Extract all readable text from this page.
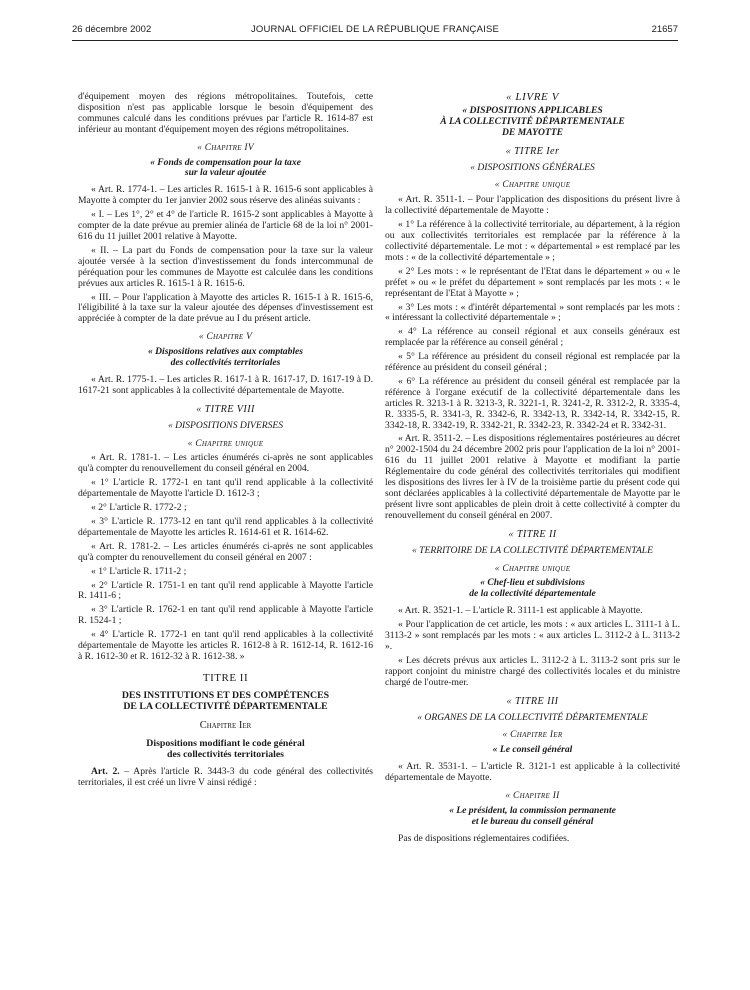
26 décembre 2002	JOURNAL OFFICIEL DE LA RÉPUBLIQUE FRANÇAISE	21657

d'équipement moyen des régions métropolitaines. Toutefois, cette disposition n'est pas applicable lorsque le besoin d'équipement des communes calculé dans les conditions prévues par l'article R. 1614-87 est inférieur au montant d'équipement moyen des régions métropolitaines.

« Chapitre IV
« Fonds de compensation pour la taxe
sur la valeur ajoutée

« Art. R. 1774-1. – Les articles R. 1615-1 à R. 1615-6 sont applicables à Mayotte à compter du 1er janvier 2002 sous réserve des alinéas suivants :

« I. – Les 1°, 2° et 4° de l'article R. 1615-2 sont applicables à Mayotte à compter de la date prévue au premier alinéa de l'article 68 de la loi n° 2001-616 du 11 juillet 2001 relative à Mayotte.

« II. – La part du Fonds de compensation pour la taxe sur la valeur ajoutée versée à la section d'investissement du fonds intercommunal de péréquation pour les communes de Mayotte est calculée dans les conditions prévues aux articles R. 1615-1 à R. 1615-6.

« III. – Pour l'application à Mayotte des articles R. 1615-1 à R. 1615-6, l'éligibilité à la taxe sur la valeur ajoutée des dépenses d'investissement est appréciée à compter de la date prévue au I du présent article.

« Chapitre V
« Dispositions relatives aux comptables
des collectivités territoriales

« Art. R. 1775-1. – Les articles R. 1617-1 à R. 1617-17, D. 1617-19 à D. 1617-21 sont applicables à la collectivité départementale de Mayotte.

« TITRE VIII
« DISPOSITIONS DIVERSES
« Chapitre unique

« Art. R. 1781-1. – Les articles énumérés ci-après ne sont applicables qu'à compter du renouvellement du conseil général en 2004.

« 1° L'article R. 1772-1 en tant qu'il rend applicable à la collectivité départementale de Mayotte l'article D. 1612-3 ;

« 2° L'article R. 1772-2 ;

« 3° L'article R. 1773-12 en tant qu'il rend applicables à la collectivité départementale de Mayotte les articles R. 1614-61 et R. 1614-62.

« Art. R. 1781-2. – Les articles énumérés ci-après ne sont applicables qu'à compter du renouvellement du conseil général en 2007 :

« 1° L'article R. 1711-2 ;

« 2° L'article R. 1751-1 en tant qu'il rend applicable à Mayotte l'article R. 1411-6 ;

« 3° L'article R. 1762-1 en tant qu'il rend applicable à Mayotte l'article R. 1524-1 ;

« 4° L'article R. 1772-1 en tant qu'il rend applicables à la collectivité départementale de Mayotte les articles R. 1612-8 à R. 1612-14, R. 1612-16 à R. 1612-30 et R. 1612-32 à R. 1612-38. »

TITRE II
DES INSTITUTIONS ET DES COMPÉTENCES
DE LA COLLECTIVITÉ DÉPARTEMENTALE
Chapitre Ier
Dispositions modifiant le code général
des collectivités territoriales

Art. 2. – Après l'article R. 3443-3 du code général des collectivités territoriales, il est créé un livre V ainsi rédigé :

« LIVRE V
« DISPOSITIONS APPLICABLES
À LA COLLECTIVITÉ DÉPARTEMENTALE
DE MAYOTTE
« TITRE Ier
« DISPOSITIONS GÉNÉRALES
« Chapitre unique

« Art. R. 3511-1. – Pour l'application des dispositions du présent livre à la collectivité départementale de Mayotte :

« 1° La référence à la collectivité territoriale, au département, à la région ou aux collectivités territoriales est remplacée par la référence à la collectivité départementale. Le mot : « départemental » est remplacé par les mots : « de la collectivité départementale » ;

« 2° Les mots : « le représentant de l'Etat dans le département » ou « le préfet » ou « le préfet du département » sont remplacés par les mots : « le représentant de l'Etat à Mayotte » ;

« 3° Les mots : « d'intérêt départemental » sont remplacés par les mots : « intéressant la collectivité départementale » ;

« 4° La référence au conseil régional et aux conseils généraux est remplacée par la référence au conseil général ;

« 5° La référence au président du conseil régional est remplacée par la référence au président du conseil général ;

« 6° La référence au président du conseil général est remplacée par la référence à l'organe exécutif de la collectivité départementale dans les articles R. 3213-1 à R. 3213-3, R. 3221-1, R. 3241-2, R. 3312-2, R. 3335-4, R. 3335-5, R. 3341-3, R. 3342-6, R. 3342-13, R. 3342-14, R. 3342-15, R. 3342-18, R. 3342-19, R. 3342-21, R. 3342-23, R. 3342-24 et R. 3342-31.

« Art. R. 3511-2. – Les dispositions réglementaires postérieures au décret n° 2002-1504 du 24 décembre 2002 pris pour l'application de la loi n° 2001-616 du 11 juillet 2001 relative à Mayotte et modifiant la partie Réglementaire du code général des collectivités territoriales qui modifient les dispositions des livres Ier à IV de la troisième partie du présent code qui sont déclarées applicables à la collectivité départementale de Mayotte par le présent livre sont applicables de plein droit à cette collectivité à compter du renouvellement du conseil général en 2007.

« TITRE II
« TERRITOIRE DE LA COLLECTIVITÉ DÉPARTEMENTALE
« Chapitre unique
« Chef-lieu et subdivisions
de la collectivité départementale

« Art. R. 3521-1. – L'article R. 3111-1 est applicable à Mayotte.

« Pour l'application de cet article, les mots : « aux articles L. 3111-1 à L. 3113-2 » sont remplacés par les mots : « aux articles L. 3112-2 à L. 3113-2 ».

« Les décrets prévus aux articles L. 3112-2 à L. 3113-2 sont pris sur le rapport conjoint du ministre chargé des collectivités locales et du ministre chargé de l'outre-mer.

« TITRE III
« ORGANES DE LA COLLECTIVITÉ DÉPARTEMENTALE
« Chapitre Ier
« Le conseil général

« Art. R. 3531-1. – L'article R. 3121-1 est applicable à la collectivité départementale de Mayotte.

« Chapitre II
« Le président, la commission permanente
et le bureau du conseil général

Pas de dispositions réglementaires codifiées.
